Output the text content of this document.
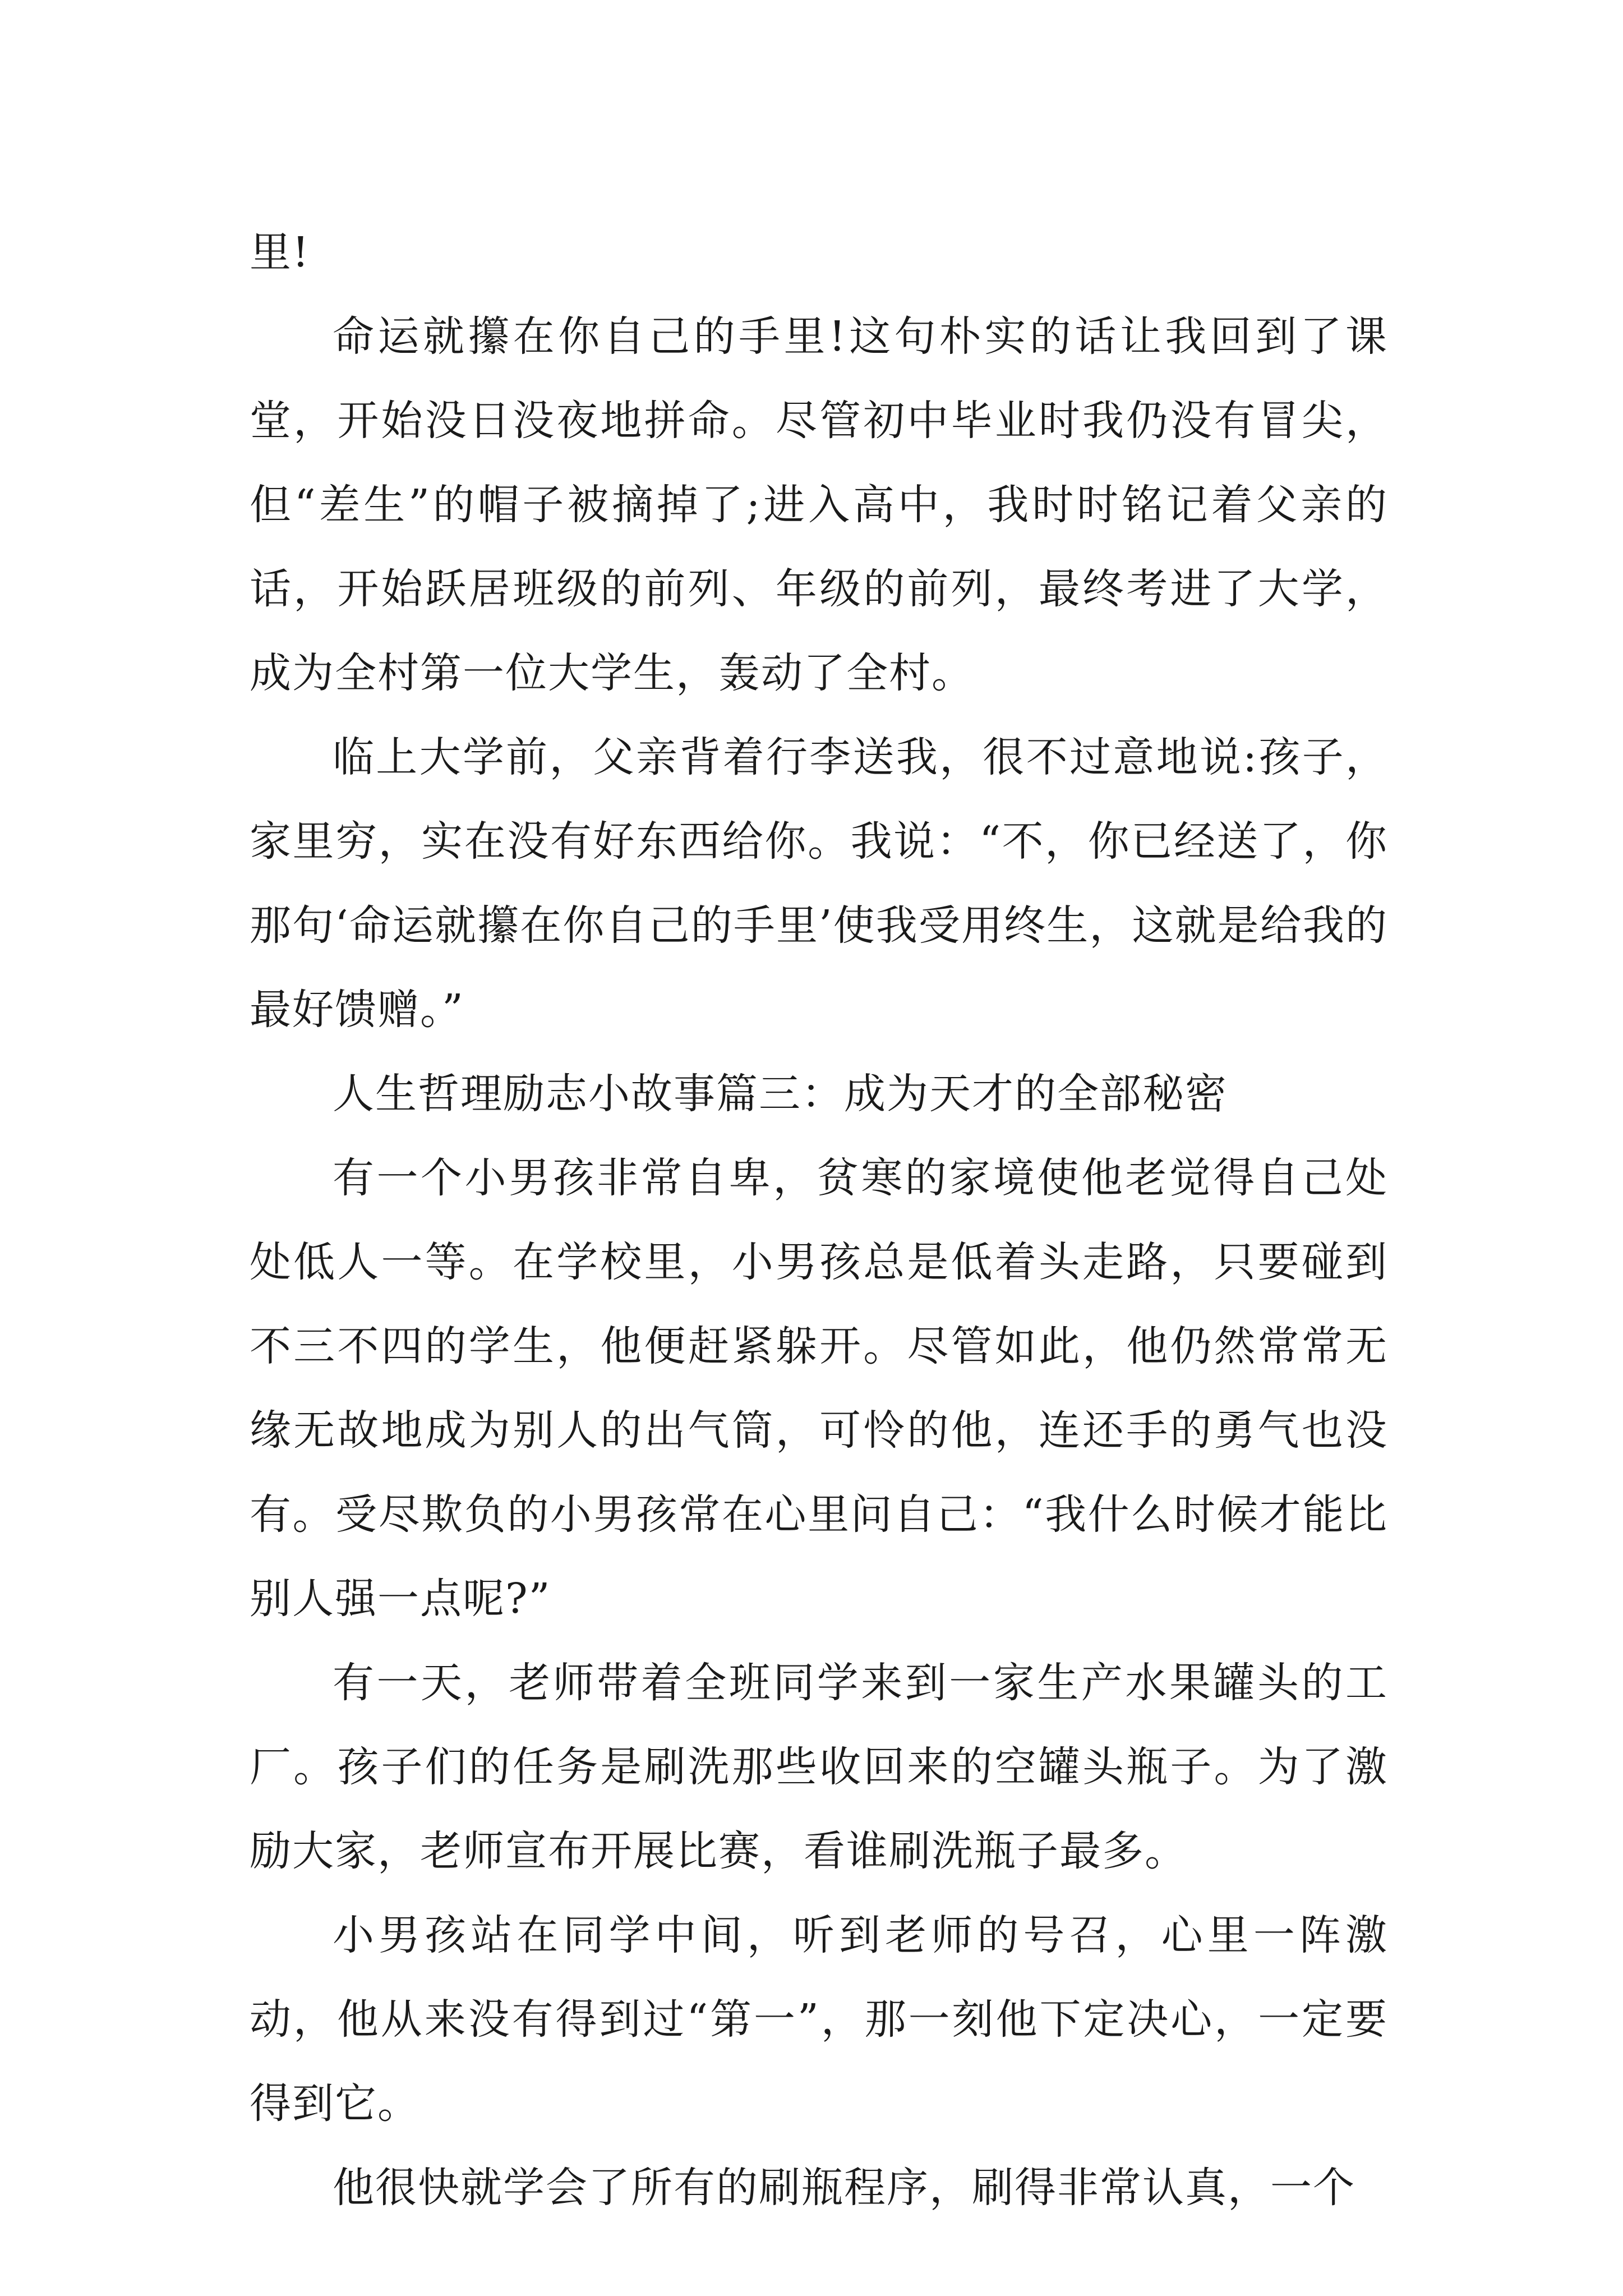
里!

命运就攥在你自己的手里!这句朴实的话让我回到了课堂，开始没日没夜地拼命。尽管初中毕业时我仍没有冒尖，但“差生”的帽子被摘掉了;进入高中，我时时铭记着父亲的话，开始跃居班级的前列、年级的前列，最终考进了大学，成为全村第一位大学生，轰动了全村。

临上大学前，父亲背着行李送我，很不过意地说:孩子，家里穷，实在没有好东西给你。我说：“不，你已经送了，你那句‘命运就攥在你自己的手里’使我受用终生，这就是给我的最好馈赠。”

人生哲理励志小故事篇三：成为天才的全部秘密

有一个小男孩非常自卑，贫寒的家境使他老觉得自己处处低人一等。在学校里，小男孩总是低着头走路，只要碰到不三不四的学生，他便赶紧躲开。尽管如此，他仍然常常无缘无故地成为别人的出气筒，可怜的他，连还手的勇气也没有。受尽欺负的小男孩常在心里问自己：“我什么时候才能比别人强一点呢?”

有一天，老师带着全班同学来到一家生产水果罐头的工厂。孩子们的任务是刷洗那些收回来的空罐头瓶子。为了激励大家，老师宣布开展比赛，看谁刷洗瓶子最多。

小男孩站在同学中间，听到老师的号召，心里一阵激动，他从来没有得到过“第一”，那一刻他下定决心，一定要得到它。

他很快就学会了所有的刷瓶程序，刷得非常认真，一个
